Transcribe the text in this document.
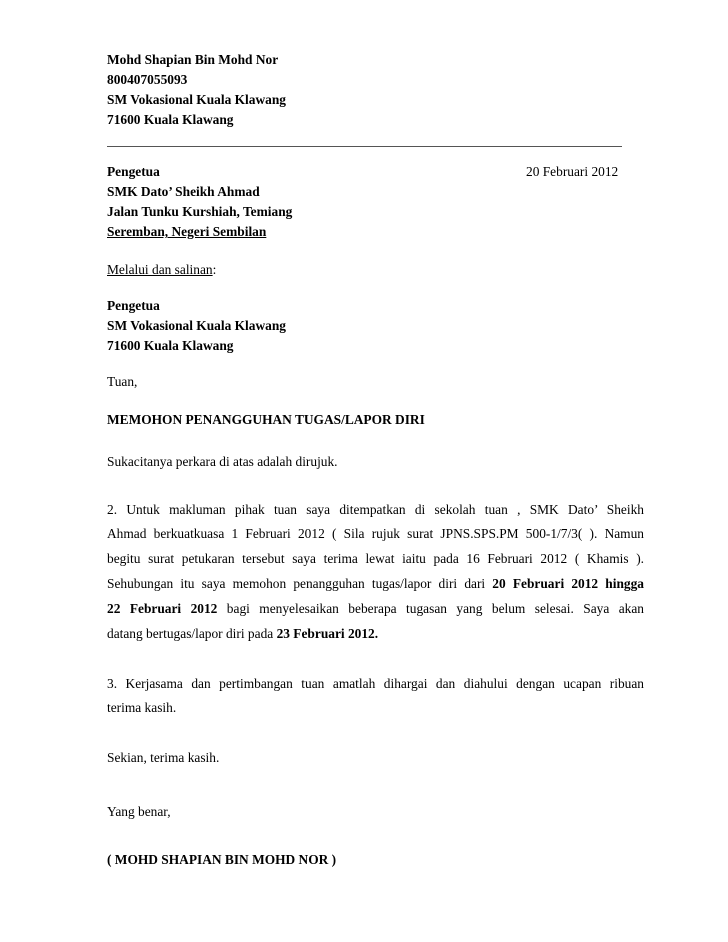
Mohd Shapian Bin Mohd Nor
800407055093
SM Vokasional Kuala Klawang
71600 Kuala Klawang
Pengetua	20 Februari 2012
SMK Dato’ Sheikh Ahmad
Jalan Tunku Kurshiah, Temiang
Seremban, Negeri Sembilan
Melalui dan salinan:
Pengetua
SM Vokasional Kuala Klawang
71600 Kuala Klawang
Tuan,
MEMOHON PENANGGUHAN TUGAS/LAPOR DIRI
Sukacitanya perkara di atas adalah dirujuk.
2. Untuk makluman pihak tuan saya ditempatkan di sekolah tuan , SMK Dato’ Sheikh
Ahmad berkuatkuasa 1 Februari 2012 ( Sila rujuk surat JPNS.SPS.PM 500-1/7/3( ). Namun
begitu surat petukaran tersebut saya terima lewat iaitu pada 16 Februari 2012 ( Khamis ).
Sehubungan itu saya memohon penangguhan tugas/lapor diri dari 20 Februari 2012 hingga
22 Februari 2012 bagi menyelesaikan beberapa tugasan yang belum selesai. Saya akan
datang bertugas/lapor diri pada 23 Februari 2012.
3. Kerjasama dan pertimbangan tuan amatlah dihargai dan diahului dengan ucapan ribuan
terima kasih.
Sekian, terima kasih.
Yang benar,
( MOHD SHAPIAN BIN MOHD NOR )
